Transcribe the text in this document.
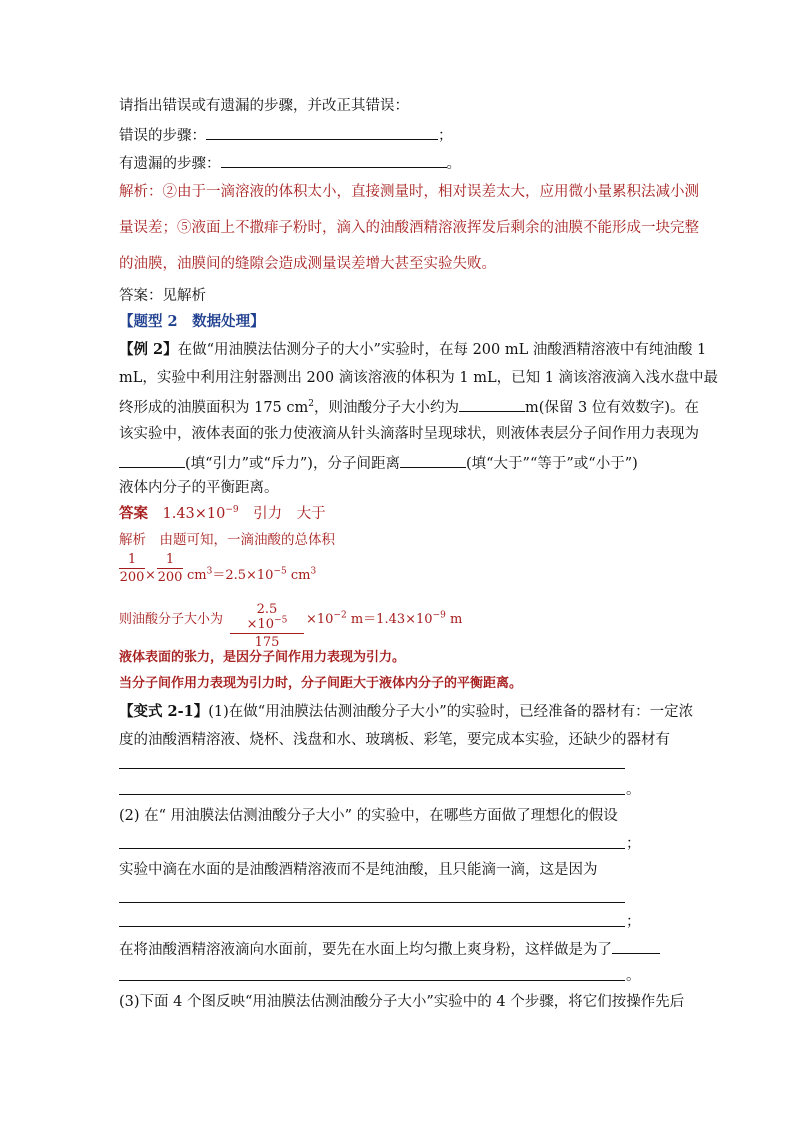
请指出错误或有遗漏的步骤，并改正其错误：
错误的步骤：	；
有遗漏的步骤：	。
解析：②由于一滴溶液的体积太小，直接测量时，相对误差太大，应用微小量累积法减小测
量误差；⑤液面上不撒痱子粉时，滴入的油酸酒精溶液挥发后剩余的油膜不能形成一块完整
的油膜，油膜间的缝隙会造成测量误差增大甚至实验失败。
答案：见解析
【题型 2　数据处理】
【例 2】在做“用油膜法估测分子的大小”实验时，在每 200 mL 油酸酒精溶液中有纯油酸 1
mL，实验中利用注射器测出 200 滴该溶液的体积为 1 mL，已知 1 滴该溶液滴入浅水盘中最
终形成的油膜面积为 175 $cm^2$，则油酸分子大小约为	m(保留 3 位有效数字)。在
该实验中，液体表面的张力使液滴从针头滴落时呈现球状，则液体表层分子间作用力表现为
(填“引力”或“斥力”)，分子间距离	(填“大于”“等于”或“小于”)
液体内分子的平衡距离。
答案　 $1.43\times 10^{-9}$　引力　大于
解析　由题可知，一滴油酸的总体积
1
200 ×
1
200 $cm^3=2.5\times 10^{-5}$ $cm^3$
则油酸分子大小为
2.5　$\times 10^{-5}$
175
$\times 10^{-2}$ $m=1.43\times 10^{-9}$ m
液体表面的张力，是因分子间作用力表现为引力。
当分子间作用力表现为引力时，分子间距大于液体内分子的平衡距离。
【变式 2-1】(1)在做“用油膜法估测油酸分子大小”的实验时，已经准备的器材有：一定浓
度的油酸酒精溶液、烧杯、浅盘和水、玻璃板、彩笔，要完成本实验，还缺少的器材有
。
(2) 在“ 用油膜法估测油酸分子大小” 的实验中，在哪些方面做了理想化的假设
；
实验中滴在水面的是油酸酒精溶液而不是纯油酸，且只能滴一滴，这是因为
；
在将油酸酒精溶液滴向水面前，要先在水面上均匀撒上爽身粉，这样做是为了
。
(3)下面 4 个图反映“用油膜法估测油酸分子大小”实验中的 4 个步骤，将它们按操作先后
